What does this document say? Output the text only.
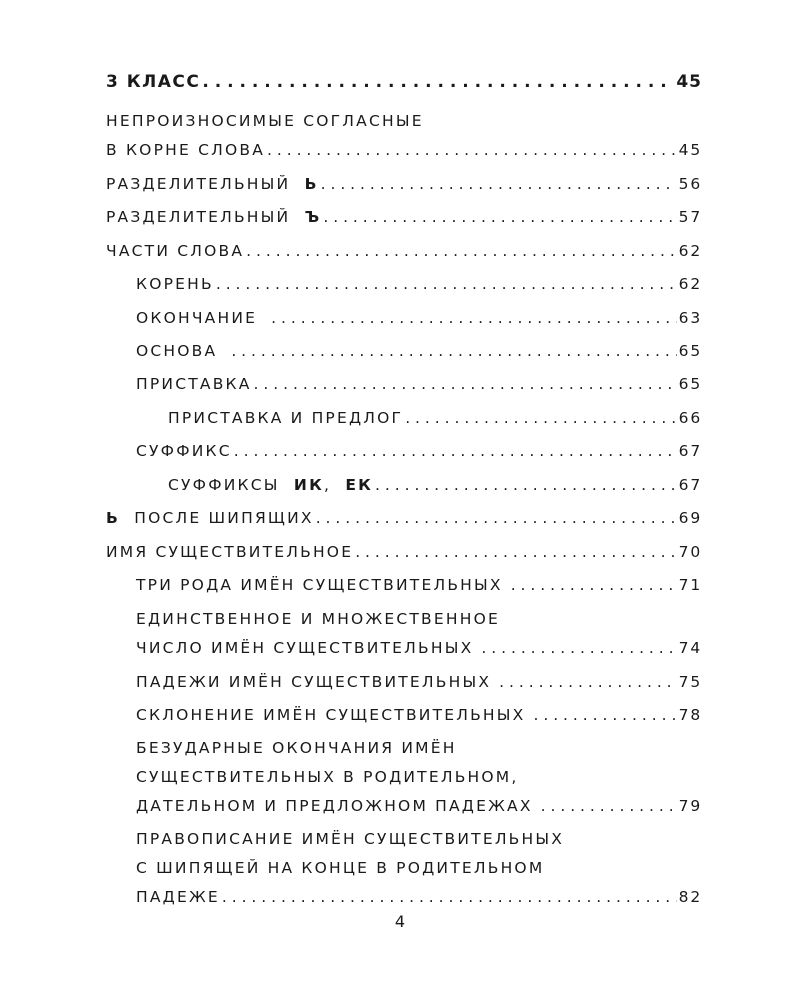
3 КЛАСС . . .	45
НЕПРОИЗНОСИМЫЕ СОГЛАСНЫЕ
В КОРНЕ СЛОВА . . .	45
РАЗДЕЛИТЕЛЬНЫЙ Ь . . .	56
РАЗДЕЛИТЕЛЬНЫЙ Ъ . . .	57
ЧАСТИ СЛОВА . . .	62
КОРЕНЬ . . .	62
ОКОНЧАНИЕ . . .	63
ОСНОВА . . .	65
ПРИСТАВКА . . .	65
ПРИСТАВКА И ПРЕДЛОГ . . .	66
СУФФИКС . . .	67
СУФФИКСЫ ИК, ЕК . . .	67
Ь ПОСЛЕ ШИПЯЩИХ . . .	69
ИМЯ СУЩЕСТВИТЕЛЬНОЕ . . .	70
ТРИ РОДА ИМЁН СУЩЕСТВИТЕЛЬНЫХ . . .	71
ЕДИНСТВЕННОЕ И МНОЖЕСТВЕННОЕ
ЧИСЛО ИМЁН СУЩЕСТВИТЕЛЬНЫХ . . .	74
ПАДЕЖИ ИМЁН СУЩЕСТВИТЕЛЬНЫХ . . .	75
СКЛОНЕНИЕ ИМЁН СУЩЕСТВИТЕЛЬНЫХ . . .	78
БЕЗУДАРНЫЕ ОКОНЧАНИЯ ИМЁН
СУЩЕСТВИТЕЛЬНЫХ В РОДИТЕЛЬНОМ,
ДАТЕЛЬНОМ И ПРЕДЛОЖНОМ ПАДЕЖАХ . . .	79
ПРАВОПИСАНИЕ ИМЁН СУЩЕСТВИТЕЛЬНЫХ
С ШИПЯЩЕЙ НА КОНЦЕ В РОДИТЕЛЬНОМ
ПАДЕЖЕ . . .	82
4
